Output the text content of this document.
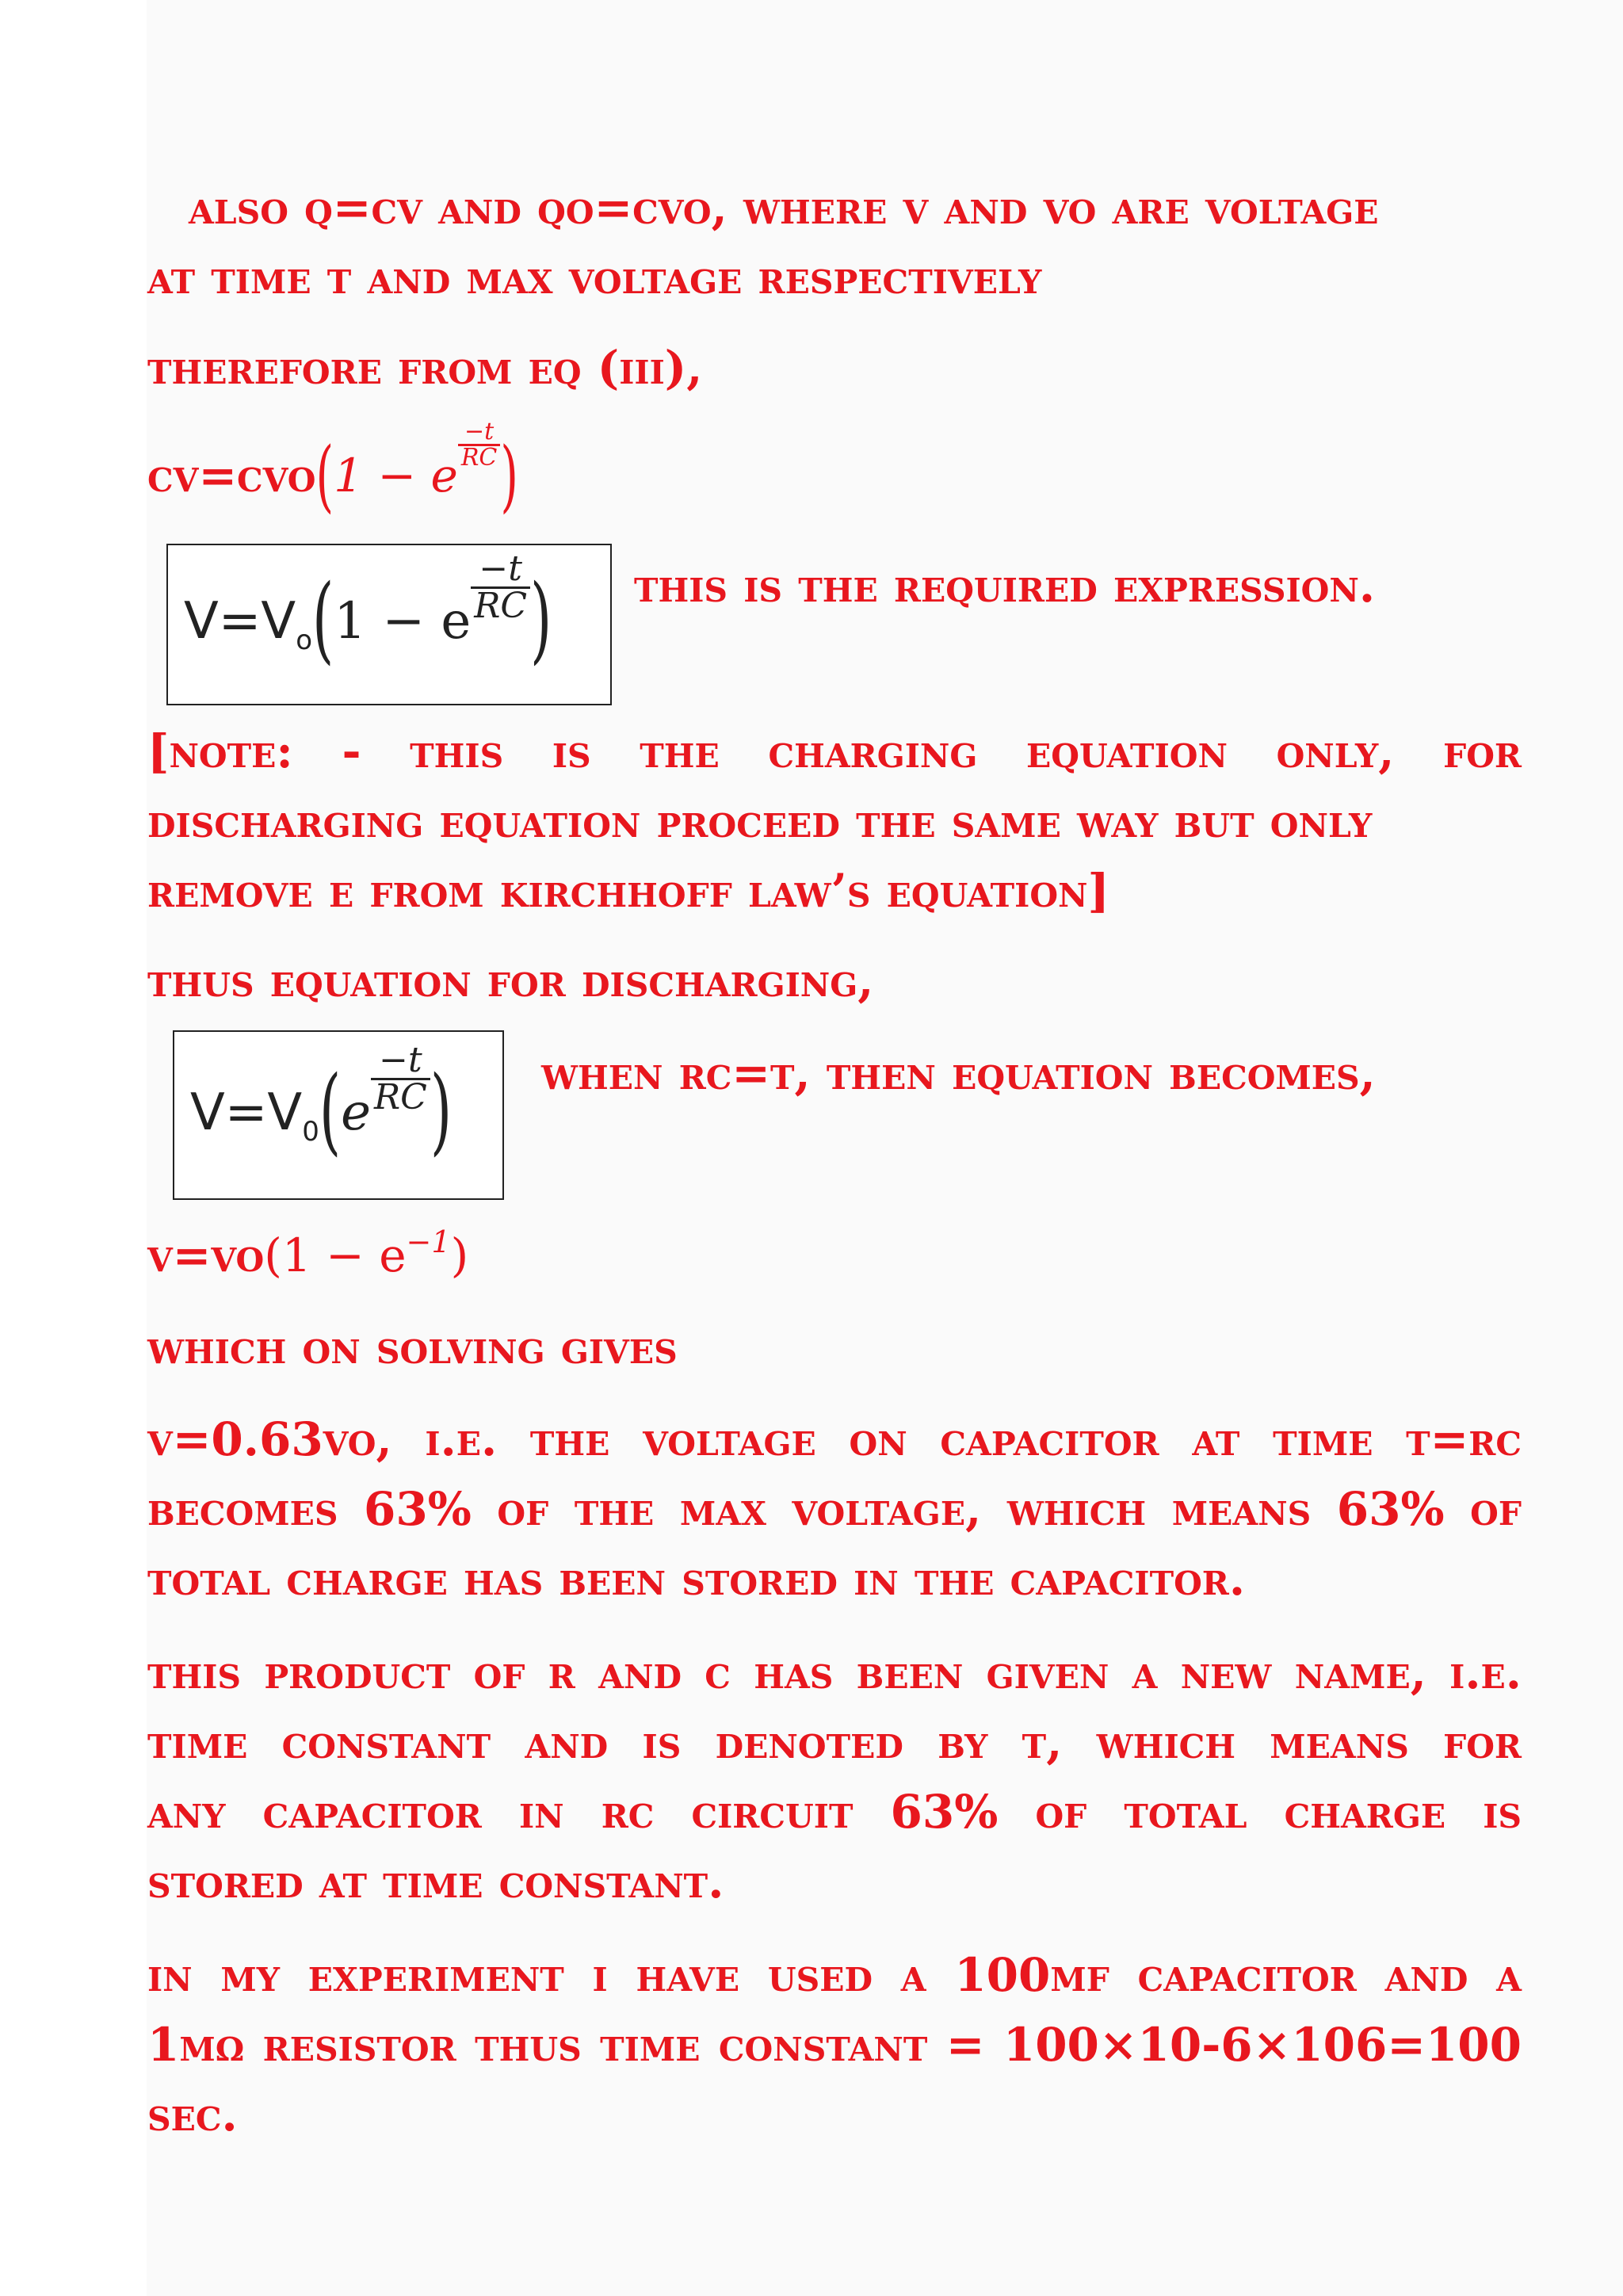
also q=cv and qo=cvo, where v and vo are voltage
at time t and max voltage respectively
therefore from eq (iii),
cv=cvo(1 − e
$\frac{-t}{RC}$ )
$V=V_o(1 - e \frac{-t}{RC}$ ) this is the required expression.
[note: - this is the charging equation only, for
discharging equation proceed the same way but only
remove e from kirchhoff law’s equation]
thus equation for discharging,
$V=V_0(e \frac{-t}{RC}$ ) when rc=t, then equation becomes,
$v=vo(1 - e^{-1})$
which on solving gives
v=0.63vo, i.e. the voltage on capacitor at time t=rc
becomes 63% of the max voltage, which means 63% of
total charge has been stored in the capacitor.
this product of r and c has been given a new name, i.e.
time constant and is denoted by τ, which means for
any capacitor in rc circuit 63% of total charge is
stored at time constant.
in my experiment i have used a 100µf capacitor and a
1mω resistor thus time constant = 100×10-6×106=100
sec.
